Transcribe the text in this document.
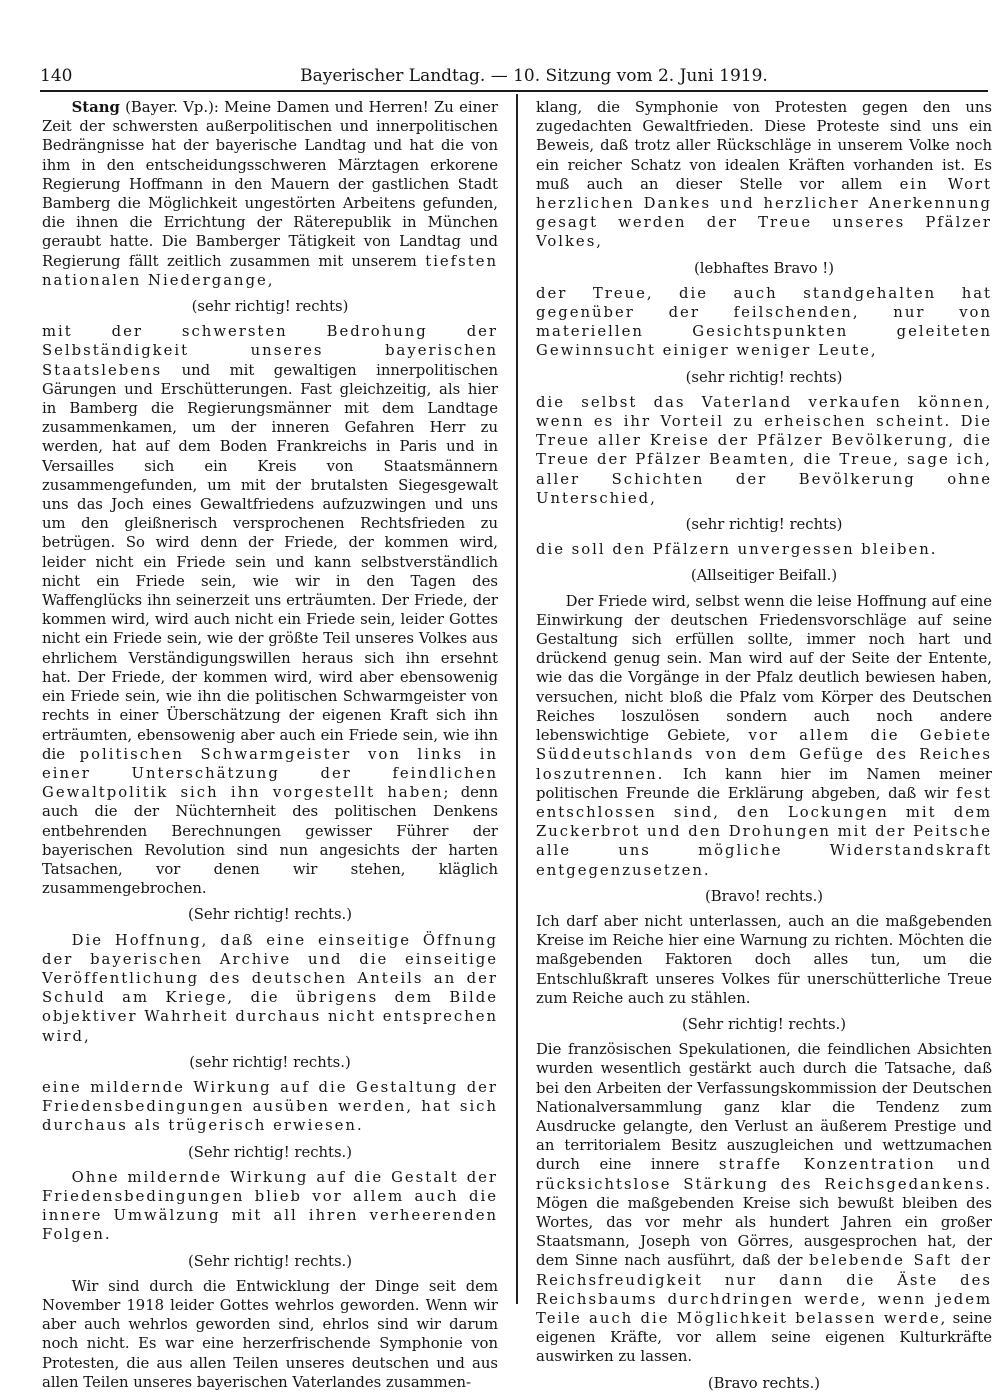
140	Bayerischer Landtag. — 10. Sitzung vom 2. Juni 1919.

Stang (Bayer. Vp.): Meine Damen und Herren! Zu einer Zeit der schwersten außerpolitischen und innerpolitischen Bedrängnisse hat der bayerische Landtag und hat die von ihm in den entscheidungsschweren Märztagen erkorene Regierung Hoffmann in den Mauern der gastlichen Stadt Bamberg die Möglichkeit ungestörten Arbeitens gefunden, die ihnen die Errichtung der Räterepublik in München geraubt hatte. Die Bamberger Tätigkeit von Landtag und Regierung fällt zeitlich zusammen mit unserem tiefsten nationalen Niedergange,

(sehr richtig! rechts)

mit der schwersten Bedrohung der Selbständigkeit unseres bayerischen Staatslebens und mit gewaltigen innerpolitischen Gärungen und Erschütterungen. Fast gleichzeitig, als hier in Bamberg die Regierungsmänner mit dem Landtage zusammenkamen, um der inneren Gefahren Herr zu werden, hat auf dem Boden Frankreichs in Paris und in Versailles sich ein Kreis von Staatsmännern zusammengefunden, um mit der brutalsten Siegesgewalt uns das Joch eines Gewaltfriedens aufzuzwingen und uns um den gleißnerisch versprochenen Rechtsfrieden zu betrügen. So wird denn der Friede, der kommen wird, leider nicht ein Friede sein und kann selbstverständlich nicht ein Friede sein, wie wir in den Tagen des Waffenglücks ihn seinerzeit uns erträumten. Der Friede, der kommen wird, wird auch nicht ein Friede sein, leider Gottes nicht ein Friede sein, wie der größte Teil unseres Volkes aus ehrlichem Verständigungswillen heraus sich ihn ersehnt hat. Der Friede, der kommen wird, wird aber ebensowenig ein Friede sein, wie ihn die politischen Schwarmgeister von rechts in einer Überschätzung der eigenen Kraft sich ihn erträumten, ebensowenig aber auch ein Friede sein, wie ihn die politischen Schwarmgeister von links in einer Unterschätzung der feindlichen Gewaltpolitik sich ihn vorgestellt haben; denn auch die der Nüchternheit des politischen Denkens entbehrenden Berechnungen gewisser Führer der bayerischen Revolution sind nun angesichts der harten Tatsachen, vor denen wir stehen, kläglich zusammengebrochen.

(Sehr richtig! rechts.)

Die Hoffnung, daß eine einseitige Öffnung der bayerischen Archive und die einseitige Veröffentlichung des deutschen Anteils an der Schuld am Kriege, die übrigens dem Bilde objektiver Wahrheit durchaus nicht entsprechen wird,

(sehr richtig! rechts.)

eine mildernde Wirkung auf die Gestaltung der Friedensbedingungen ausüben werden, hat sich durchaus als trügerisch erwiesen.

(Sehr richtig! rechts.)

Ohne mildernde Wirkung auf die Gestalt der Friedensbedingungen blieb vor allem auch die innere Umwälzung mit all ihren verheerenden Folgen.

(Sehr richtig! rechts.)

Wir sind durch die Entwicklung der Dinge seit dem November 1918 leider Gottes wehrlos geworden. Wenn wir aber auch wehrlos geworden sind, ehrlos sind wir darum noch nicht. Es war eine herzerfrischende Symphonie von Protesten, die aus allen Teilen unseres deutschen und aus allen Teilen unseres bayerischen Vaterlandes zusammen-

klang, die Symphonie von Protesten gegen den uns zugedachten Gewaltfrieden. Diese Proteste sind uns ein Beweis, daß trotz aller Rückschläge in unserem Volke noch ein reicher Schatz von idealen Kräften vorhanden ist. Es muß auch an dieser Stelle vor allem ein Wort herzlichen Dankes und herzlicher Anerkennung gesagt werden der Treue unseres Pfälzer Volkes,

(lebhaftes Bravo !)

der Treue, die auch standgehalten hat gegenüber der feilschenden, nur von materiellen Gesichtspunkten geleiteten Gewinnsucht einiger weniger Leute,

(sehr richtig! rechts)

die selbst das Vaterland verkaufen können, wenn es ihr Vorteil zu erheischen scheint. Die Treue aller Kreise der Pfälzer Bevölkerung, die Treue der Pfälzer Beamten, die Treue, sage ich, aller Schichten der Bevölkerung ohne Unterschied,

(sehr richtig! rechts)

die soll den Pfälzern unvergessen bleiben.

(Allseitiger Beifall.)

Der Friede wird, selbst wenn die leise Hoffnung auf eine Einwirkung der deutschen Friedensvorschläge auf seine Gestaltung sich erfüllen sollte, immer noch hart und drückend genug sein. Man wird auf der Seite der Entente, wie das die Vorgänge in der Pfalz deutlich bewiesen haben, versuchen, nicht bloß die Pfalz vom Körper des Deutschen Reiches loszulösen sondern auch noch andere lebenswichtige Gebiete, vor allem die Gebiete Süddeutschlands von dem Gefüge des Reiches loszutrennen. Ich kann hier im Namen meiner politischen Freunde die Erklärung abgeben, daß wir fest entschlossen sind, den Lockungen mit dem Zuckerbrot und den Drohungen mit der Peitsche alle uns mögliche Widerstandskraft entgegenzusetzen.

(Bravo! rechts.)

Ich darf aber nicht unterlassen, auch an die maßgebenden Kreise im Reiche hier eine Warnung zu richten. Möchten die maßgebenden Faktoren doch alles tun, um die Entschlußkraft unseres Volkes für unerschütterliche Treue zum Reiche auch zu stählen.

(Sehr richtig! rechts.)

Die französischen Spekulationen, die feindlichen Absichten wurden wesentlich gestärkt auch durch die Tatsache, daß bei den Arbeiten der Verfassungskommission der Deutschen Nationalversammlung ganz klar die Tendenz zum Ausdrucke gelangte, den Verlust an äußerem Prestige und an territorialem Besitz auszugleichen und wettzumachen durch eine innere straffe Konzentration und rücksichtslose Stärkung des Reichsgedankens. Mögen die maßgebenden Kreise sich bewußt bleiben des Wortes, das vor mehr als hundert Jahren ein großer Staatsmann, Joseph von Görres, ausgesprochen hat, der dem Sinne nach ausführt, daß der belebende Saft der Reichsfreudigkeit nur dann die Äste des Reichsbaums durchdringen werde, wenn jedem Teile auch die Möglichkeit belassen werde, seine eigenen Kräfte, vor allem seine eigenen Kulturkräfte auswirken zu lassen.

(Bravo rechts.)
